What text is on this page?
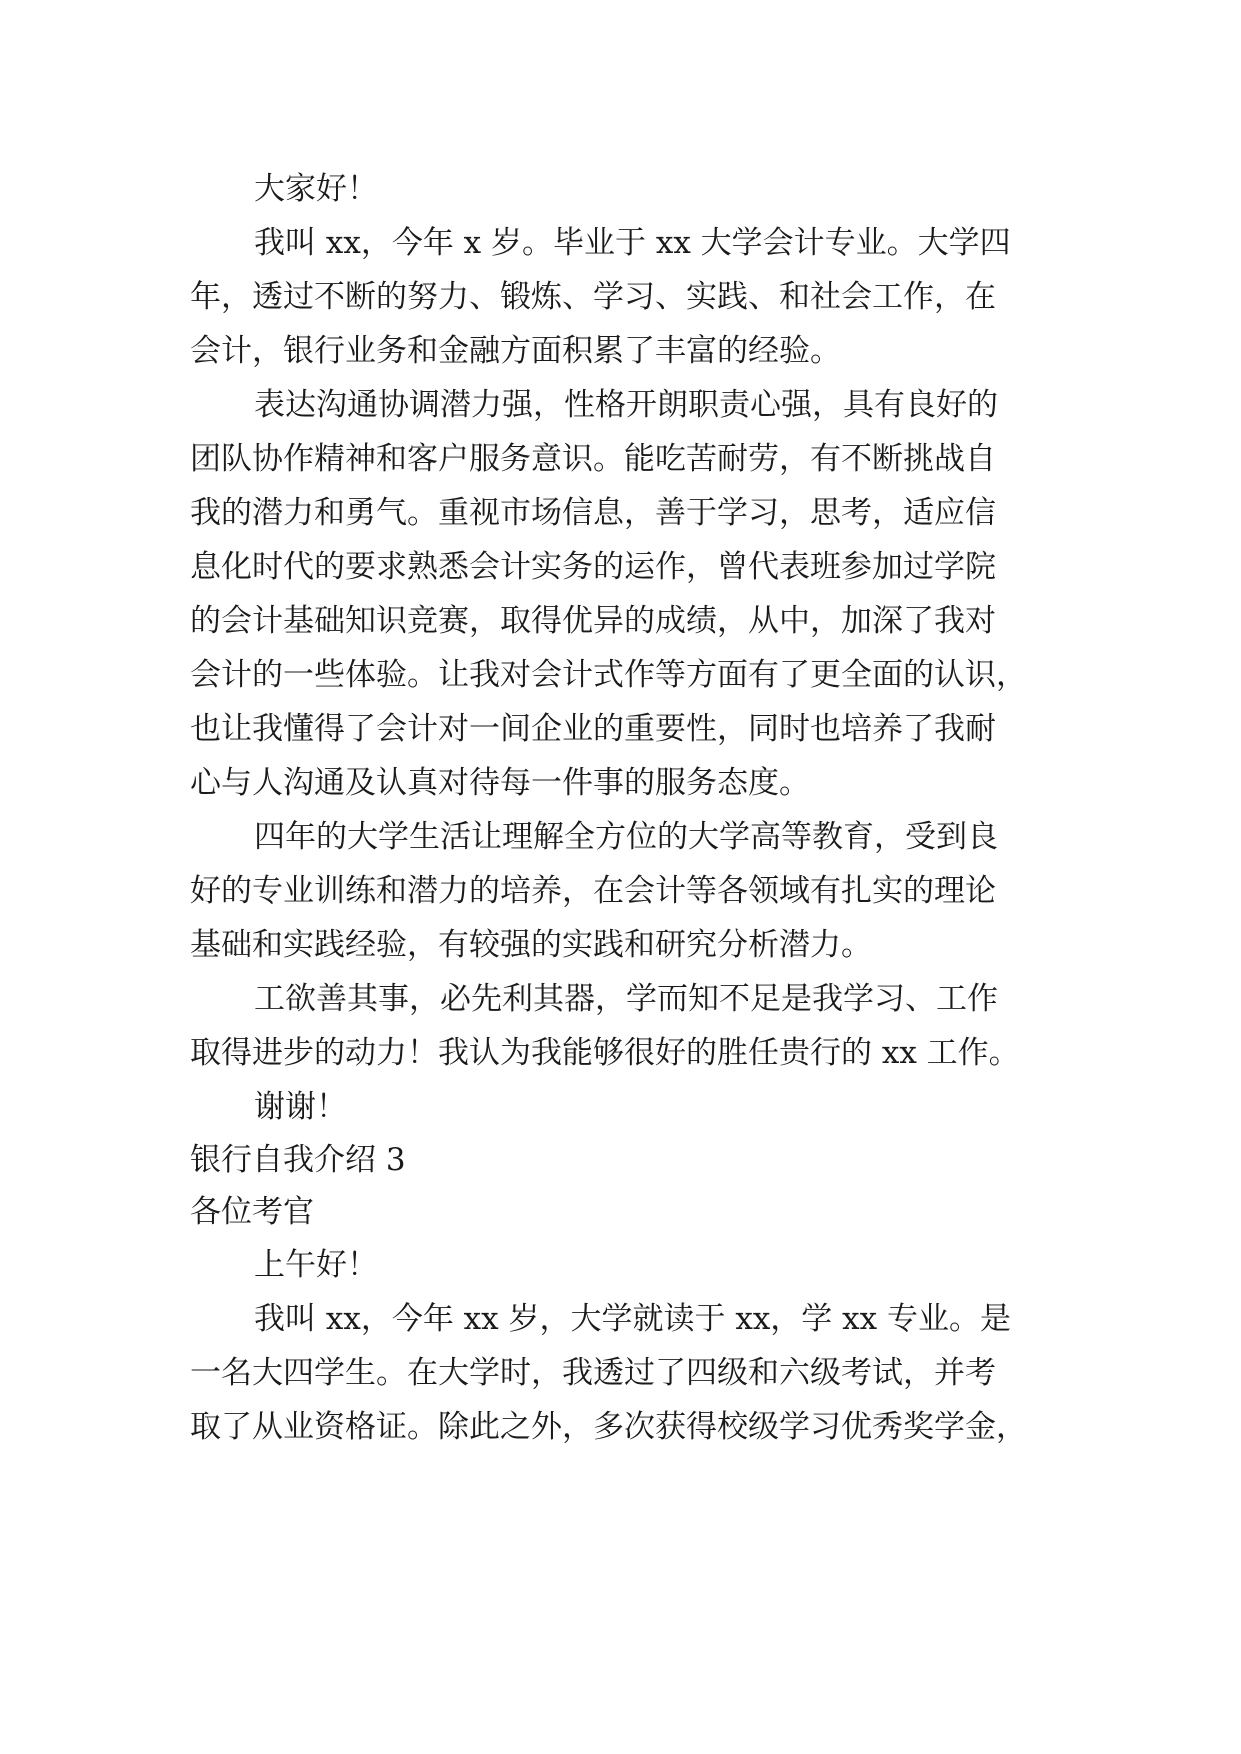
大家好！
我叫 xx，今年 x 岁。毕业于 xx 大学会计专业。大学四
年，透过不断的努力、锻炼、学习、实践、和社会工作，在
会计，银行业务和金融方面积累了丰富的经验。
表达沟通协调潜力强，性格开朗职责心强，具有良好的
团队协作精神和客户服务意识。能吃苦耐劳，有不断挑战自
我的潜力和勇气。重视市场信息，善于学习，思考，适应信
息化时代的要求熟悉会计实务的运作，曾代表班参加过学院
的会计基础知识竞赛，取得优异的成绩，从中，加深了我对
会计的一些体验。让我对会计式作等方面有了更全面的认识，
也让我懂得了会计对一间企业的重要性，同时也培养了我耐
心与人沟通及认真对待每一件事的服务态度。
四年的大学生活让理解全方位的大学高等教育，受到良
好的专业训练和潜力的培养，在会计等各领域有扎实的理论
基础和实践经验，有较强的实践和研究分析潜力。
工欲善其事，必先利其器，学而知不足是我学习、工作
取得进步的动力！我认为我能够很好的胜任贵行的 xx 工作。
谢谢！
银行自我介绍 3
各位考官
上午好！
我叫 xx，今年 xx 岁，大学就读于 xx，学 xx 专业。是
一名大四学生。在大学时，我透过了四级和六级考试，并考
取了从业资格证。除此之外，多次获得校级学习优秀奖学金，
